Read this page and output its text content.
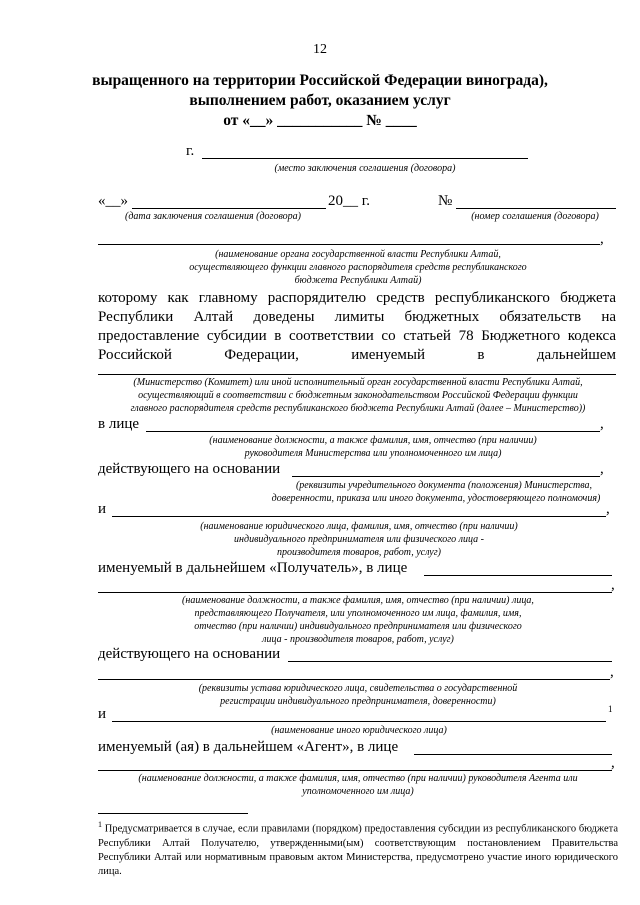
12
выращенного на территории Российской Федерации винограда),
выполнением работ, оказанием услуг
от «__» ___________ № ____
г.
(место заключения соглашения (договора)
«__»	20__ г.	№
(дата заключения соглашения (договора)	(номер соглашения (договора)
,
(наименование органа государственной власти Республики Алтай,
осуществляющего функции главного распорядителя средств республиканского
бюджета Республики Алтай)
которому как главному распорядителю средств республиканского бюджета
Республики Алтай доведены лимиты бюджетных обязательств на
предоставление субсидии в соответствии со статьей 78 Бюджетного кодекса
Российской Федерации, именуемый в дальнейшем
(Министерство (Комитет) или иной исполнительный орган государственной власти Республики Алтай,
осуществляющий в соответствии с бюджетным законодательством Российской Федерации функции
главного распорядителя средств республиканского бюджета Республики Алтай (далее – Министерство))
в лице	,
(наименование должности, а также фамилия, имя, отчество (при наличии)
руководителя Министерства или уполномоченного им лица)
действующего на основании	,
(реквизиты учредительного документа (положения) Министерства,
доверенности, приказа или иного документа, удостоверяющего полномочия)
и	,
(наименование юридического лица, фамилия, имя, отчество (при наличии)
индивидуального предпринимателя или физического лица -
производителя товаров, работ, услуг)
именуемый в дальнейшем «Получатель», в лице
,
(наименование должности, а также фамилия, имя, отчество (при наличии) лица,
представляющего Получателя, или уполномоченного им лица, фамилия, имя,
отчество (при наличии) индивидуального предпринимателя или физического
лица - производителя товаров, работ, услуг)
действующего на основании
,
(реквизиты устава юридического лица, свидетельства о государственной
регистрации индивидуального предпринимателя, доверенности)
и	1
(наименование иного юридического лица)
именуемый (ая) в дальнейшем «Агент», в лице
,
(наименование должности, а также фамилия, имя, отчество (при наличии) руководителя Агента или
уполномоченного им лица)
$^1$ Предусматривается в случае, если правилами (порядком) предоставления субсидии из республиканского бюджета Республики Алтай Получателю, утвержденными(ым) соответствующим постановлением Правительства Республики Алтай или нормативным правовым актом Министерства, предусмотрено участие иного юридического лица.
